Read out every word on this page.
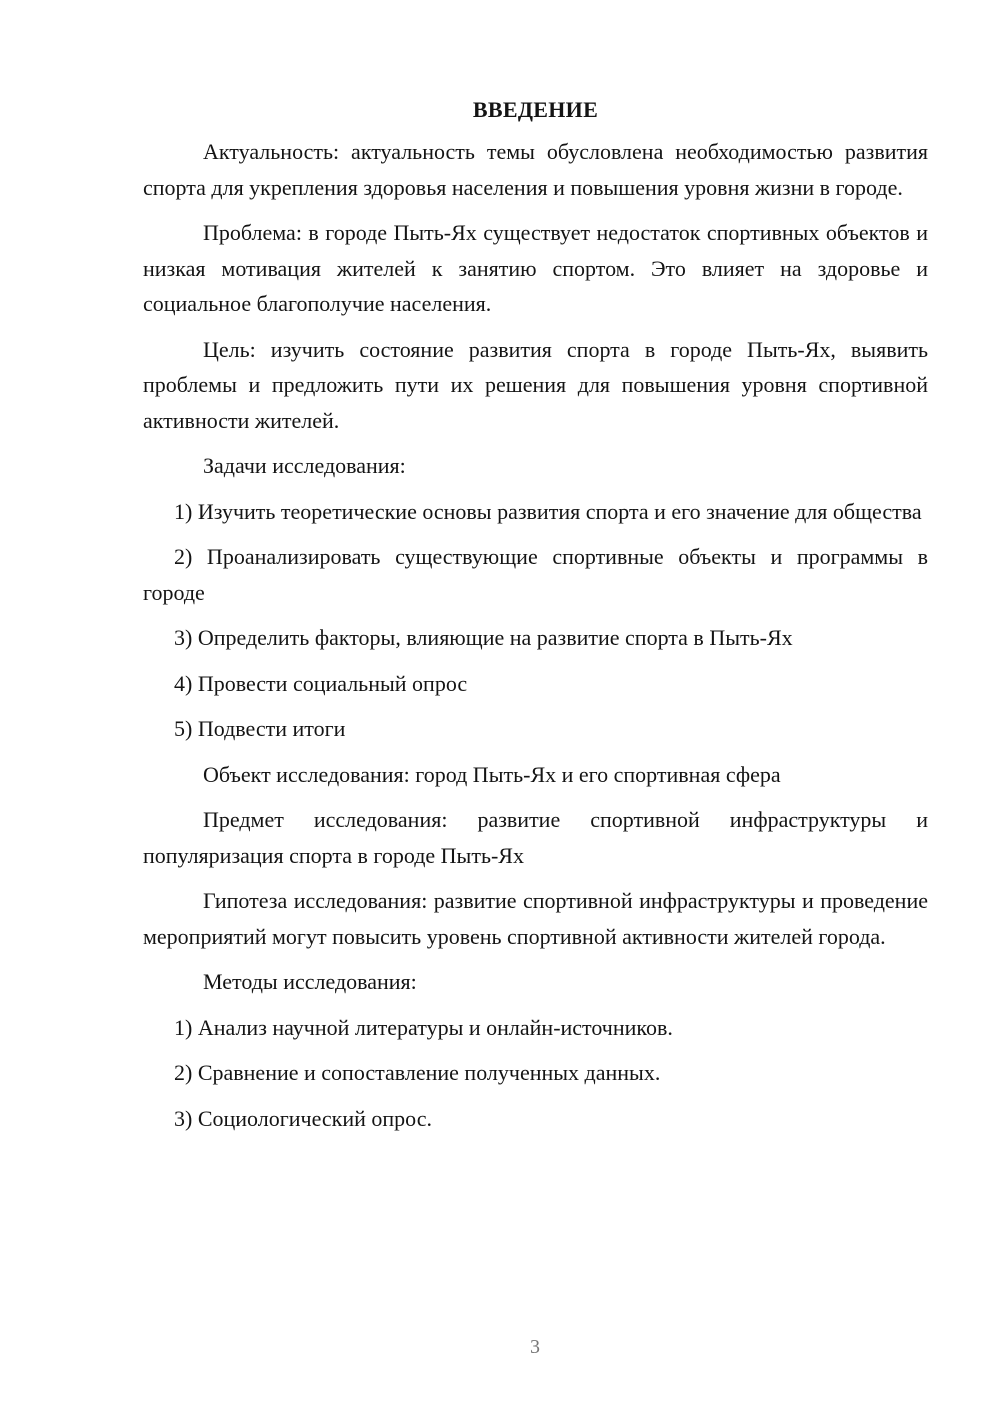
ВВЕДЕНИЕ

Актуальность: актуальность темы обусловлена необходимостью развития спорта для укрепления здоровья населения и повышения уровня жизни в городе.

Проблема: в городе Пыть-Ях существует недостаток спортивных объектов и низкая мотивация жителей к занятию спортом. Это влияет на здоровье и социальное благополучие населения.

Цель: изучить состояние развития спорта в городе Пыть-Ях, выявить проблемы и предложить пути их решения для повышения уровня спортивной активности жителей.

Задачи исследования:

1) Изучить теоретические основы развития спорта и его значение для общества

2) Проанализировать существующие спортивные объекты и программы в городе

3) Определить факторы, влияющие на развитие спорта в Пыть-Ях

4) Провести социальный опрос

5) Подвести итоги

Объект исследования: город Пыть-Ях и его спортивная сфера

Предмет исследования: развитие спортивной инфраструктуры и популяризация спорта в городе Пыть-Ях

Гипотеза исследования: развитие спортивной инфраструктуры и проведение мероприятий могут повысить уровень спортивной активности жителей города.

Методы исследования:

1) Анализ научной литературы и онлайн-источников.

2) Сравнение и сопоставление полученных данных.

3) Социологический опрос.

3
